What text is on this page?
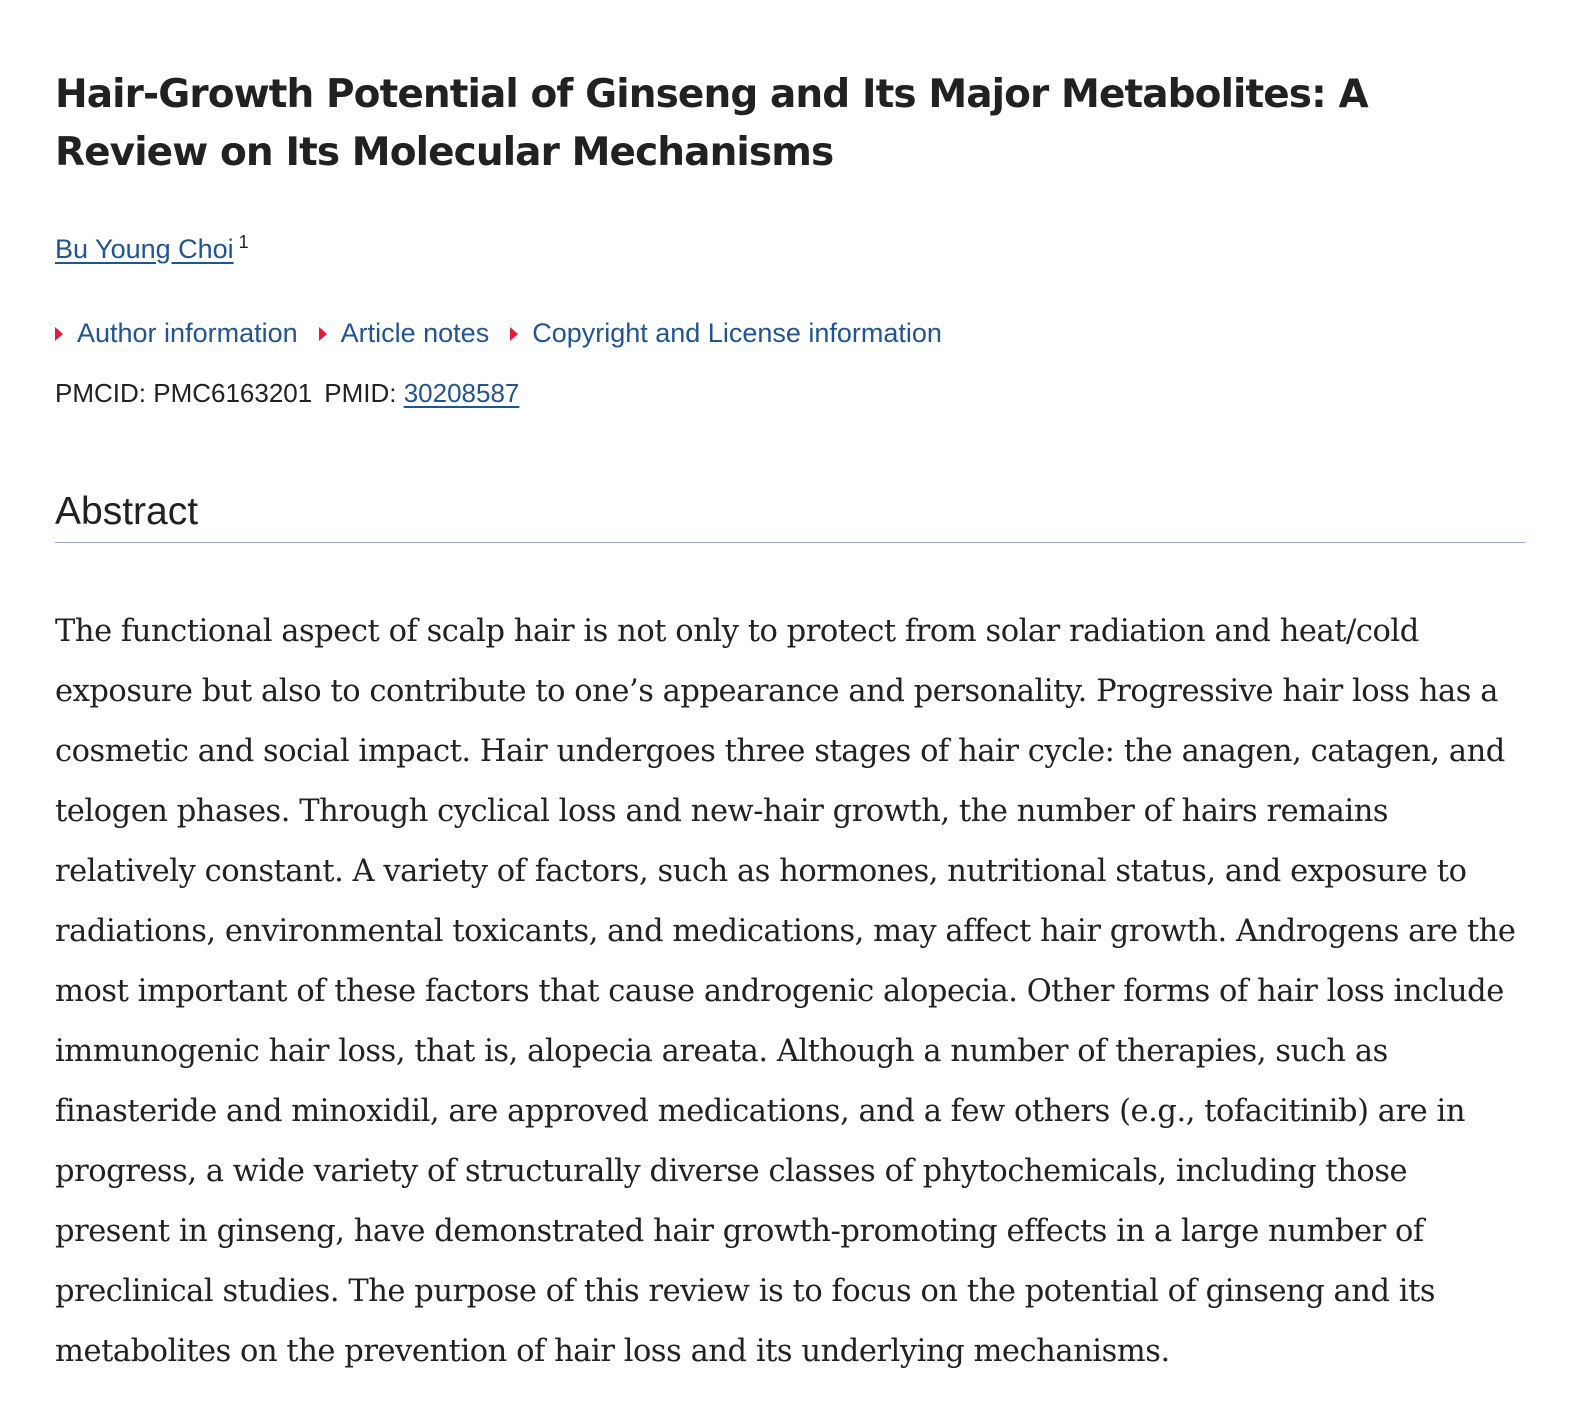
Hair-Growth Potential of Ginseng and Its Major Metabolites: A Review on Its Molecular Mechanisms
Bu Young Choi $^1$
Author information Article notes Copyright and License information
PMCID: PMC6163201 PMID: 30208587
Abstract

The functional aspect of scalp hair is not only to protect from solar radiation and heat/cold exposure but also to contribute to one’s appearance and personality. Progressive hair loss has a cosmetic and social impact. Hair undergoes three stages of hair cycle: the anagen, catagen, and telogen phases. Through cyclical loss and new-hair growth, the number of hairs remains relatively constant. A variety of factors, such as hormones, nutritional status, and exposure to radiations, environmental toxicants, and medications, may affect hair growth. Androgens are the most important of these factors that cause androgenic alopecia. Other forms of hair loss include immunogenic hair loss, that is, alopecia areata. Although a number of therapies, such as finasteride and minoxidil, are approved medications, and a few others (e.g., tofacitinib) are in progress, a wide variety of structurally diverse classes of phytochemicals, including those present in ginseng, have demonstrated hair growth-promoting effects in a large number of preclinical studies. The purpose of this review is to focus on the potential of ginseng and its metabolites on the prevention of hair loss and its underlying mechanisms.
